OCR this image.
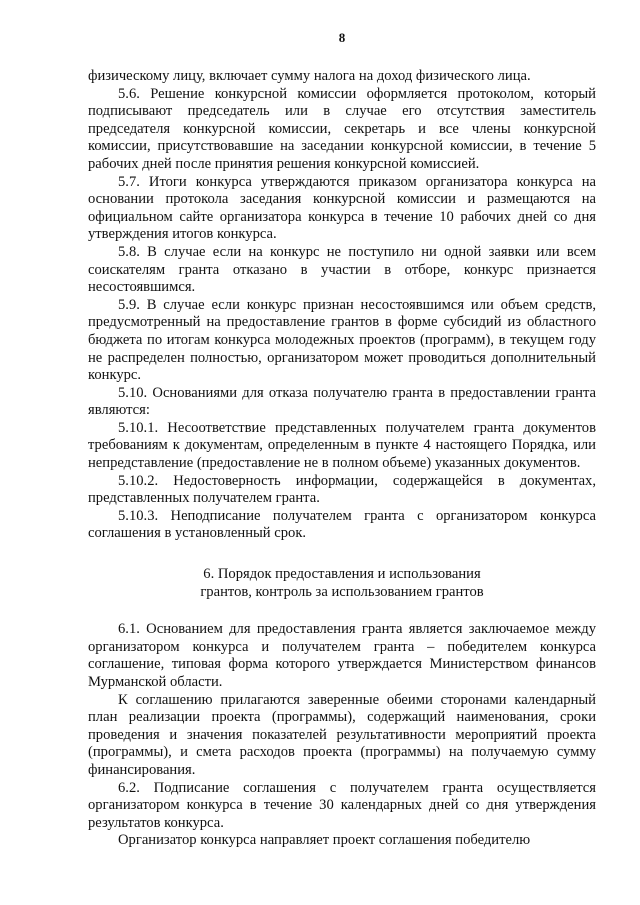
8

физическому лицу, включает сумму налога на доход физического лица.

5.6. Решение конкурсной комиссии оформляется протоколом, который подписывают председатель или в случае его отсутствия заместитель председателя конкурсной комиссии, секретарь и все члены конкурсной комиссии, присутствовавшие на заседании конкурсной комиссии, в течение 5 рабочих дней после принятия решения конкурсной комиссией.

5.7. Итоги конкурса утверждаются приказом организатора конкурса на основании протокола заседания конкурсной комиссии и размещаются на официальном сайте организатора конкурса в течение 10 рабочих дней со дня утверждения итогов конкурса.

5.8. В случае если на конкурс не поступило ни одной заявки или всем соискателям гранта отказано в участии в отборе, конкурс признается несостоявшимся.

5.9. В случае если конкурс признан несостоявшимся или объем средств, предусмотренный на предоставление грантов в форме субсидий из областного бюджета по итогам конкурса молодежных проектов (программ), в текущем году не распределен полностью, организатором может проводиться дополнительный конкурс.

5.10. Основаниями для отказа получателю гранта в предоставлении гранта являются:

5.10.1. Несоответствие представленных получателем гранта документов требованиям к документам, определенным в пункте 4 настоящего Порядка, или непредставление (предоставление не в полном объеме) указанных документов.

5.10.2. Недостоверность информации, содержащейся в документах, представленных получателем гранта.

5.10.3. Неподписание получателем гранта с организатором конкурса соглашения в установленный срок.

6. Порядок предоставления и использования
грантов, контроль за использованием грантов

6.1. Основанием для предоставления гранта является заключаемое между организатором конкурса и получателем гранта – победителем конкурса соглашение, типовая форма которого утверждается Министерством финансов Мурманской области.

К соглашению прилагаются заверенные обеими сторонами календарный план реализации проекта (программы), содержащий наименования, сроки проведения и значения показателей результативности мероприятий проекта (программы), и смета расходов проекта (программы) на получаемую сумму финансирования.

6.2. Подписание соглашения с получателем гранта осуществляется организатором конкурса в течение 30 календарных дней со дня утверждения результатов конкурса.

Организатор конкурса направляет проект соглашения победителю
